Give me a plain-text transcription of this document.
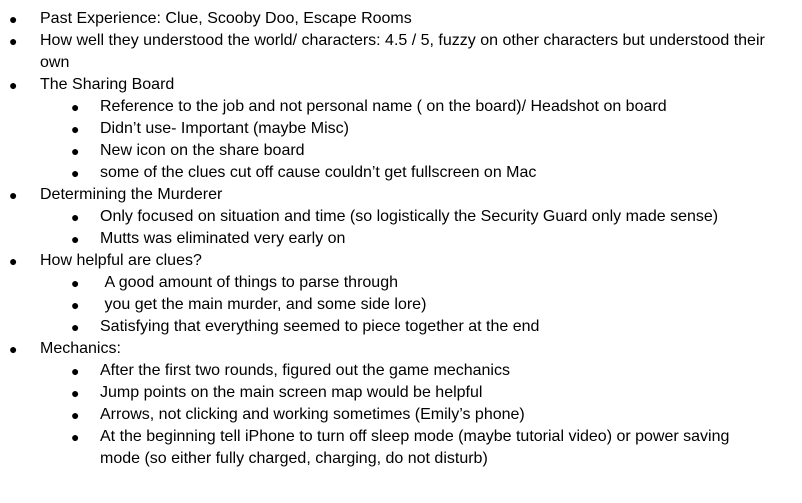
● Past Experience: Clue, Scooby Doo, Escape Rooms
● How well they understood the world/ characters: 4.5 / 5, fuzzy on other characters but understood their own
● The Sharing Board
● Reference to the job and not personal name ( on the board)/ Headshot on board
● Didn’t use- Important (maybe Misc)
● New icon on the share board
● some of the clues cut off cause couldn’t get fullscreen on Mac
● Determining the Murderer
● Only focused on situation and time (so logistically the Security Guard only made sense)
● Mutts was eliminated very early on
● How helpful are clues?
● A good amount of things to parse through
● you get the main murder, and some side lore)
● Satisfying that everything seemed to piece together at the end
● Mechanics:
● After the first two rounds, figured out the game mechanics
● Jump points on the main screen map would be helpful
● Arrows, not clicking and working sometimes (Emily’s phone)
● At the beginning tell iPhone to turn off sleep mode (maybe tutorial video) or power saving mode (so either fully charged, charging, do not disturb)
